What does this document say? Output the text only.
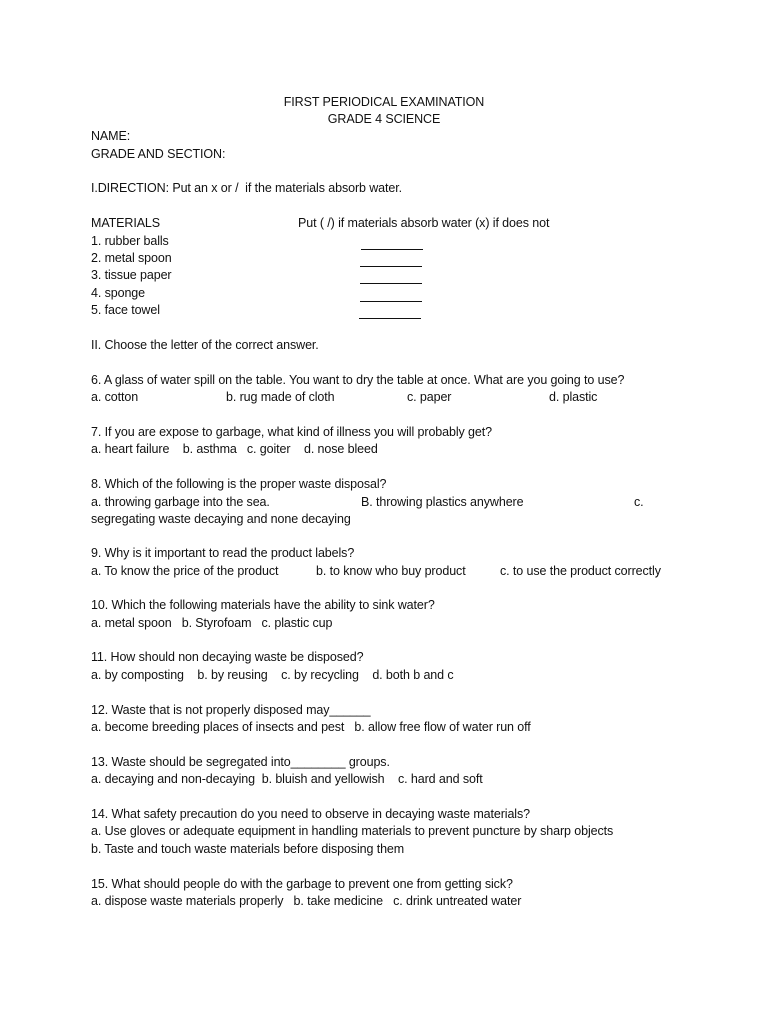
FIRST PERIODICAL EXAMINATION
GRADE 4 SCIENCE
NAME:
GRADE AND SECTION:
I.DIRECTION: Put an x or /  if the materials absorb water.
MATERIALS	Put ( /) if materials absorb water (x) if does not
1. rubber balls
2. metal spoon
3. tissue paper
4. sponge
5. face towel
II. Choose the letter of the correct answer.
6. A glass of water spill on the table. You want to dry the table at once. What are you going to use?
a. cotton	b. rug made of cloth	c. paper	d. plastic
7. If you are expose to garbage, what kind of illness you will probably get?
a. heart failure    b. asthma   c. goiter    d. nose bleed
8. Which of the following is the proper waste disposal?
a. throwing garbage into the sea.	B. throwing plastics anywhere	c.
segregating waste decaying and none decaying
9. Why is it important to read the product labels?
a. To know the price of the product	b. to know who buy product	c. to use the product correctly
10. Which the following materials have the ability to sink water?
a. metal spoon   b. Styrofoam   c. plastic cup
11. How should non decaying waste be disposed?
a. by composting    b. by reusing    c. by recycling    d. both b and c
12. Waste that is not properly disposed may______
a. become breeding places of insects and pest   b. allow free flow of water run off
13. Waste should be segregated into________ groups.
a. decaying and non-decaying  b. bluish and yellowish    c. hard and soft
14. What safety precaution do you need to observe in decaying waste materials?
a. Use gloves or adequate equipment in handling materials to prevent puncture by sharp objects
b. Taste and touch waste materials before disposing them
15. What should people do with the garbage to prevent one from getting sick?
a. dispose waste materials properly   b. take medicine   c. drink untreated water
